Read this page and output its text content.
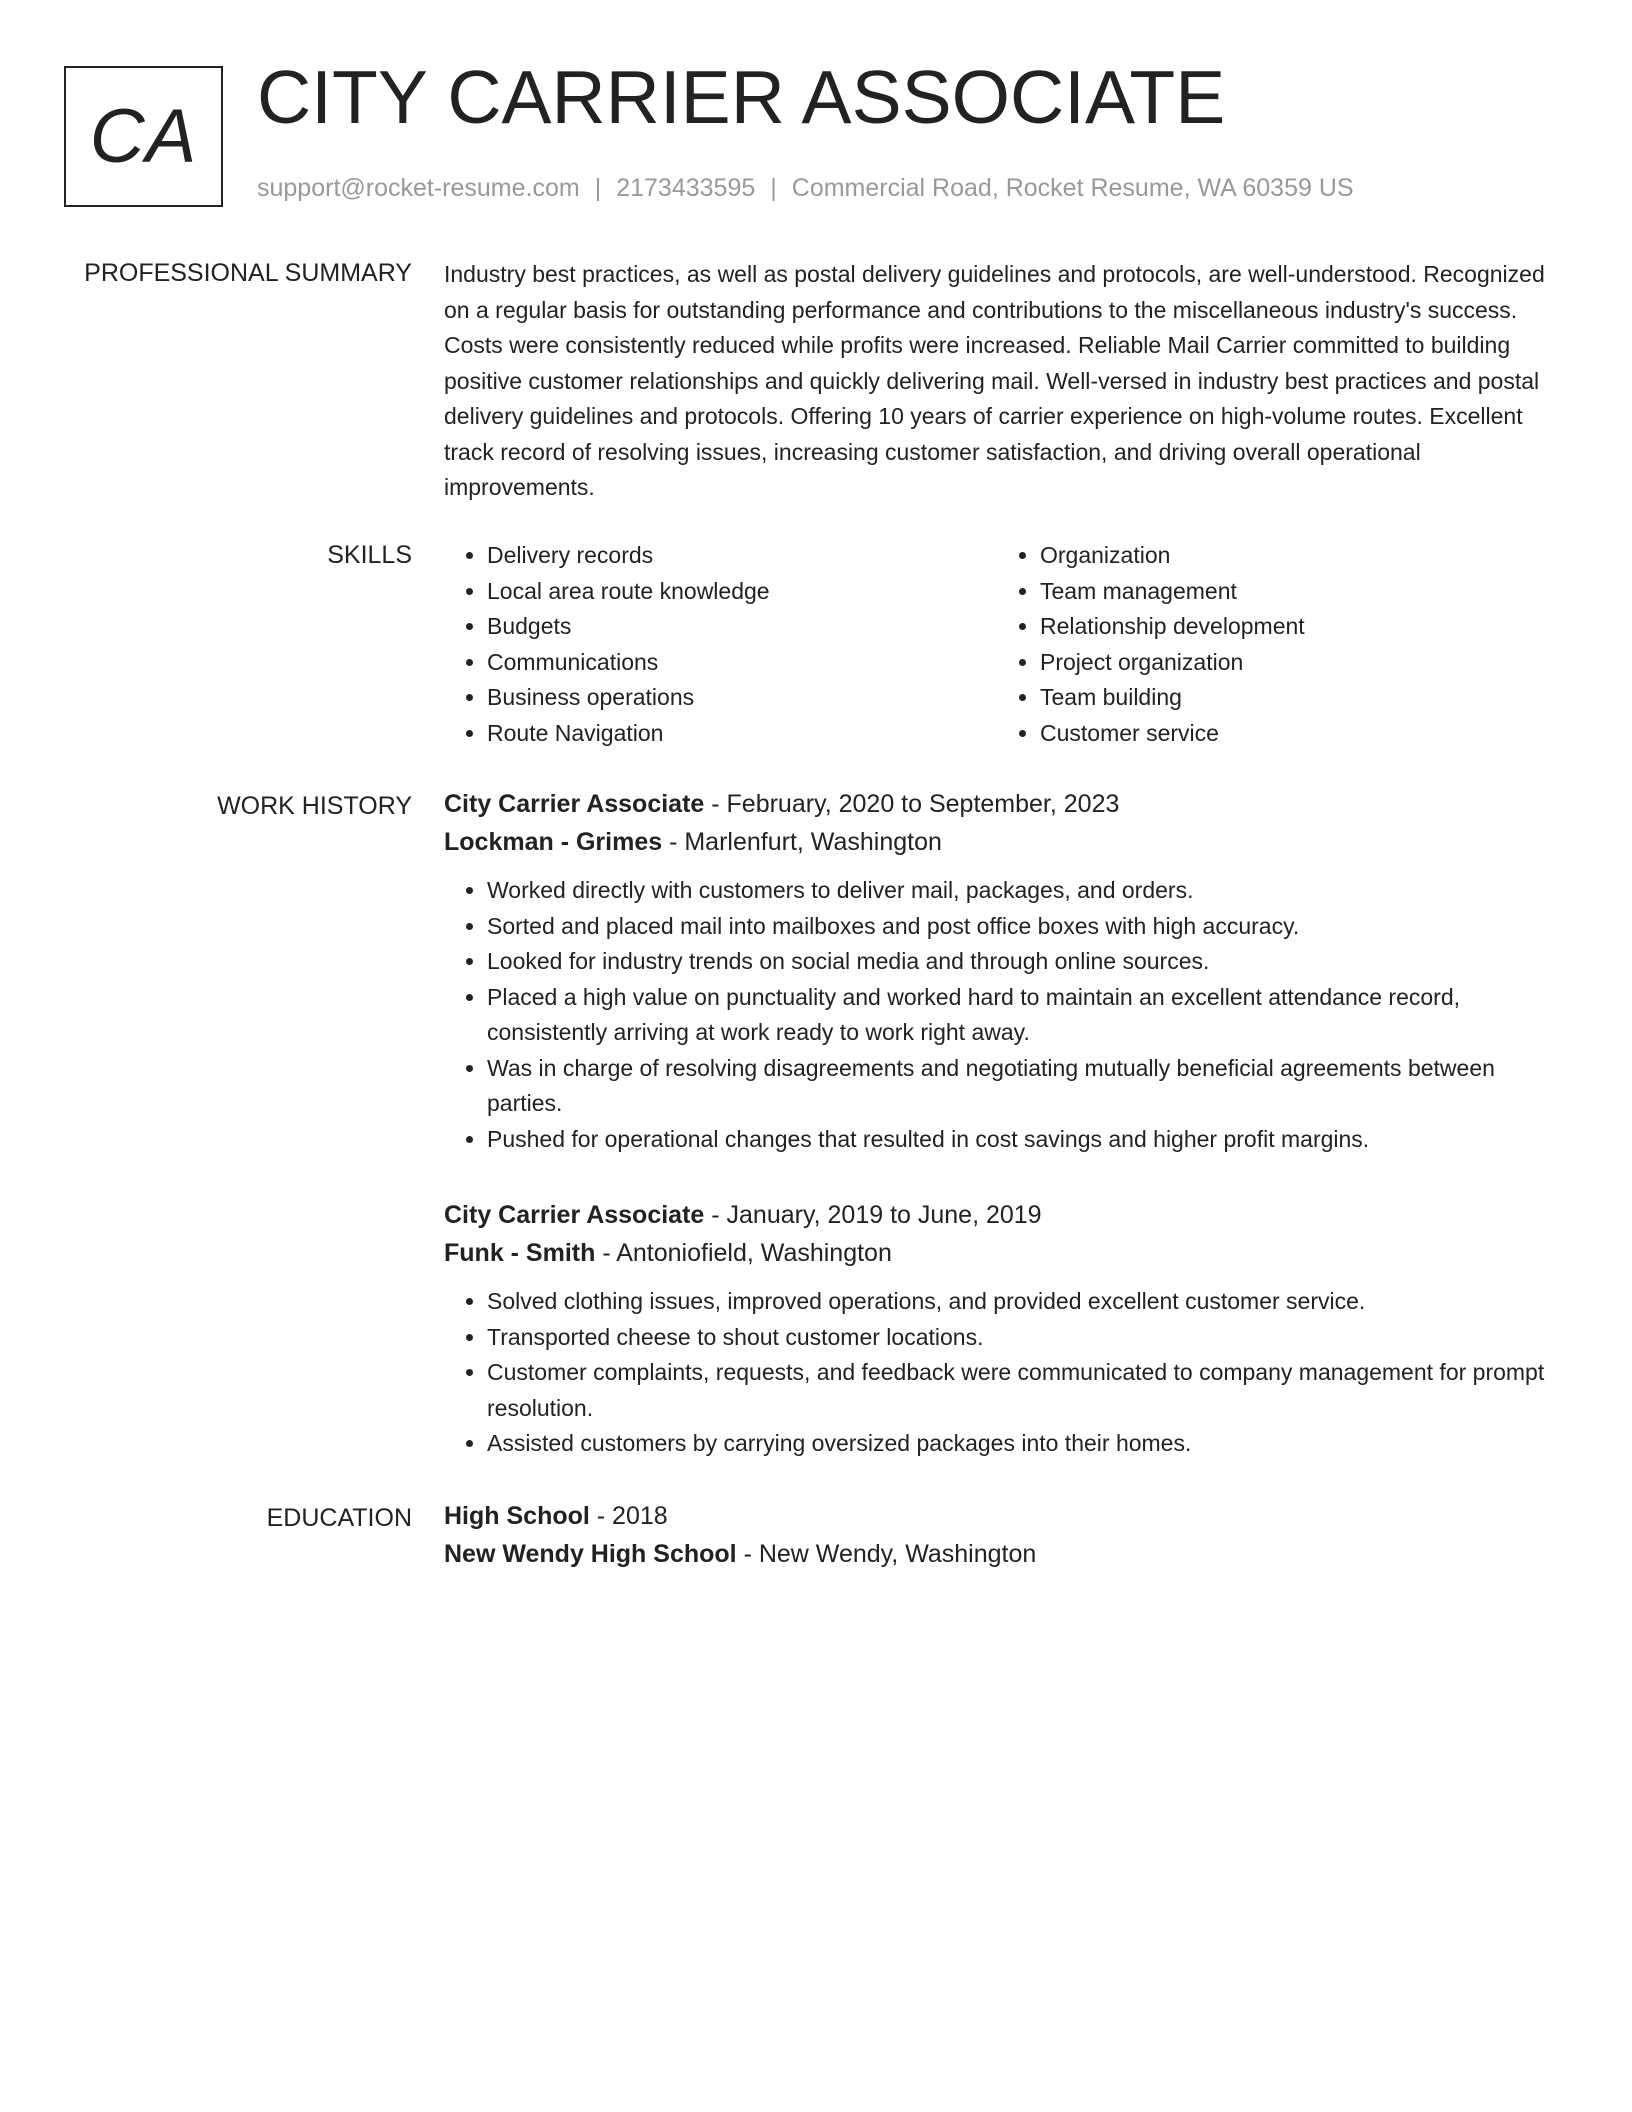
CA CITY CARRIER ASSOCIATE
support@rocket-resume.com | 2173433595 | Commercial Road, Rocket Resume, WA 60359 US
PROFESSIONAL SUMMARY Industry best practices, as well as postal delivery guidelines and protocols, are well-understood. Recognized on a regular basis for outstanding performance and contributions to the miscellaneous industry's success. Costs were consistently reduced while profits were increased. Reliable Mail Carrier committed to building positive customer relationships and quickly delivering mail. Well-versed in industry best practices and postal delivery guidelines and protocols. Offering 10 years of carrier experience on high-volume routes. Excellent track record of resolving issues, increasing customer satisfaction, and driving overall operational improvements.

SKILLS
•	Delivery records
• Local area route knowledge
• Budgets
• Communications
• Business operations
• Route Navigation
• Organization
• Team management
• Relationship development
• Project organization
• Team building
• Customer service
WORK HISTORY City Carrier Associate - February, 2020 to September, 2023
Lockman - Grimes - Marlenfurt, Washington
• Worked directly with customers to deliver mail, packages, and orders.
• Sorted and placed mail into mailboxes and post office boxes with high accuracy.
• Looked for industry trends on social media and through online sources.
• Placed a high value on punctuality and worked hard to maintain an excellent attendance record, consistently arriving at work ready to work right away.
• Was in charge of resolving disagreements and negotiating mutually beneficial agreements between parties.
• Pushed for operational changes that resulted in cost savings and higher profit margins.
City Carrier Associate - January, 2019 to June, 2019
Funk - Smith - Antoniofield, Washington
• Solved clothing issues, improved operations, and provided excellent customer service.
• Transported cheese to shout customer locations.
• Customer complaints, requests, and feedback were communicated to company management for prompt resolution.
• Assisted customers by carrying oversized packages into their homes.
EDUCATION High School - 2018
New Wendy High School - New Wendy, Washington
